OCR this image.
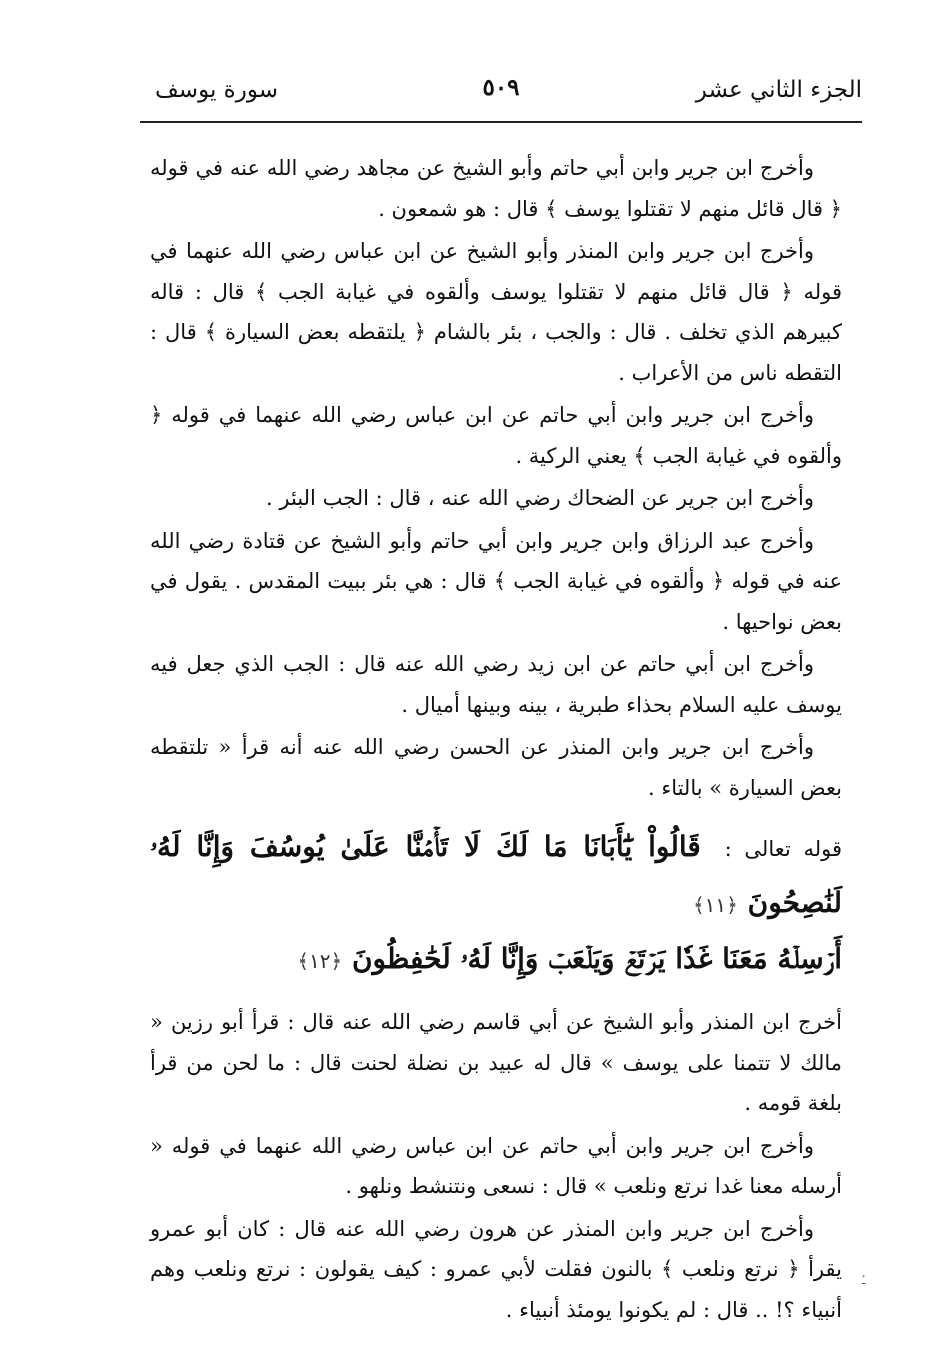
الجزء الثاني عشر
٥٠٩
سورة يوسف

وأخرج ابن جرير وابن أبي حاتم وأبو الشيخ عن مجاهد رضي الله عنه في قوله ﴿ قال قائل منهم لا تقتلوا يوسف ﴾ قال : هو شمعون .

وأخرج ابن جرير وابن المنذر وأبو الشيخ عن ابن عباس رضي الله عنهما في قوله ﴿ قال قائل منهم لا تقتلوا يوسف وألقوه في غيابة الجب ﴾ قال : قاله كبيرهم الذي تخلف . قال : والجب ، بئر بالشام ﴿ يلتقطه بعض السيارة ﴾ قال : التقطه ناس من الأعراب .

وأخرج ابن جرير وابن أبي حاتم عن ابن عباس رضي الله عنهما في قوله ﴿ وألقوه في غيابة الجب ﴾ يعني الركية .

وأخرج ابن جرير عن الضحاك رضي الله عنه ، قال : الجب البئر .

وأخرج عبد الرزاق وابن جرير وابن أبي حاتم وأبو الشيخ عن قتادة رضي الله عنه في قوله ﴿ وألقوه في غيابة الجب ﴾ قال : هي بئر ببيت المقدس . يقول في بعض نواحيها .

وأخرج ابن أبي حاتم عن ابن زيد رضي الله عنه قال : الجب الذي جعل فيه يوسف عليه السلام بحذاء طبرية ، بينه وبينها أميال .

وأخرج ابن جرير وابن المنذر عن الحسن رضي الله عنه أنه قرأ « تلتقطه بعض السيارة » بالتاء .

قوله تعالى : قَالُواْ يَٰٓأَبَانَا مَا لَكَ لَا تَأۡمَ۬نَّا عَلَىٰ يُوسُفَ وَإِنَّا لَهُۥ لَنَٰصِحُونَ ﴿١١﴾
أَرۡسِلۡهُ مَعَنَا غَدٗا يَرۡتَعۡ وَيَلۡعَبۡ وَإِنَّا لَهُۥ لَحَٰفِظُونَ ﴿١٢﴾

أخرج ابن المنذر وأبو الشيخ عن أبي قاسم رضي الله عنه قال : قرأ أبو رزين « مالك لا تتمنا على يوسف » قال له عبيد بن نضلة لحنت قال : ما لحن من قرأ بلغة قومه .

وأخرج ابن جرير وابن أبي حاتم عن ابن عباس رضي الله عنهما في قوله « أرسله معنا غدا نرتع ونلعب » قال : نسعى ونتنشط ونلهو .

وأخرج ابن جرير وابن المنذر عن هرون رضي الله عنه قال : كان أبو عمرو يقرأ ﴿ نرتع ونلعب ﴾ بالنون فقلت لأبي عمرو : كيف يقولون : نرتع ونلعب وهم أنبياء ؟! .. قال : لم يكونوا يومئذ أنبياء .

ـٔ
